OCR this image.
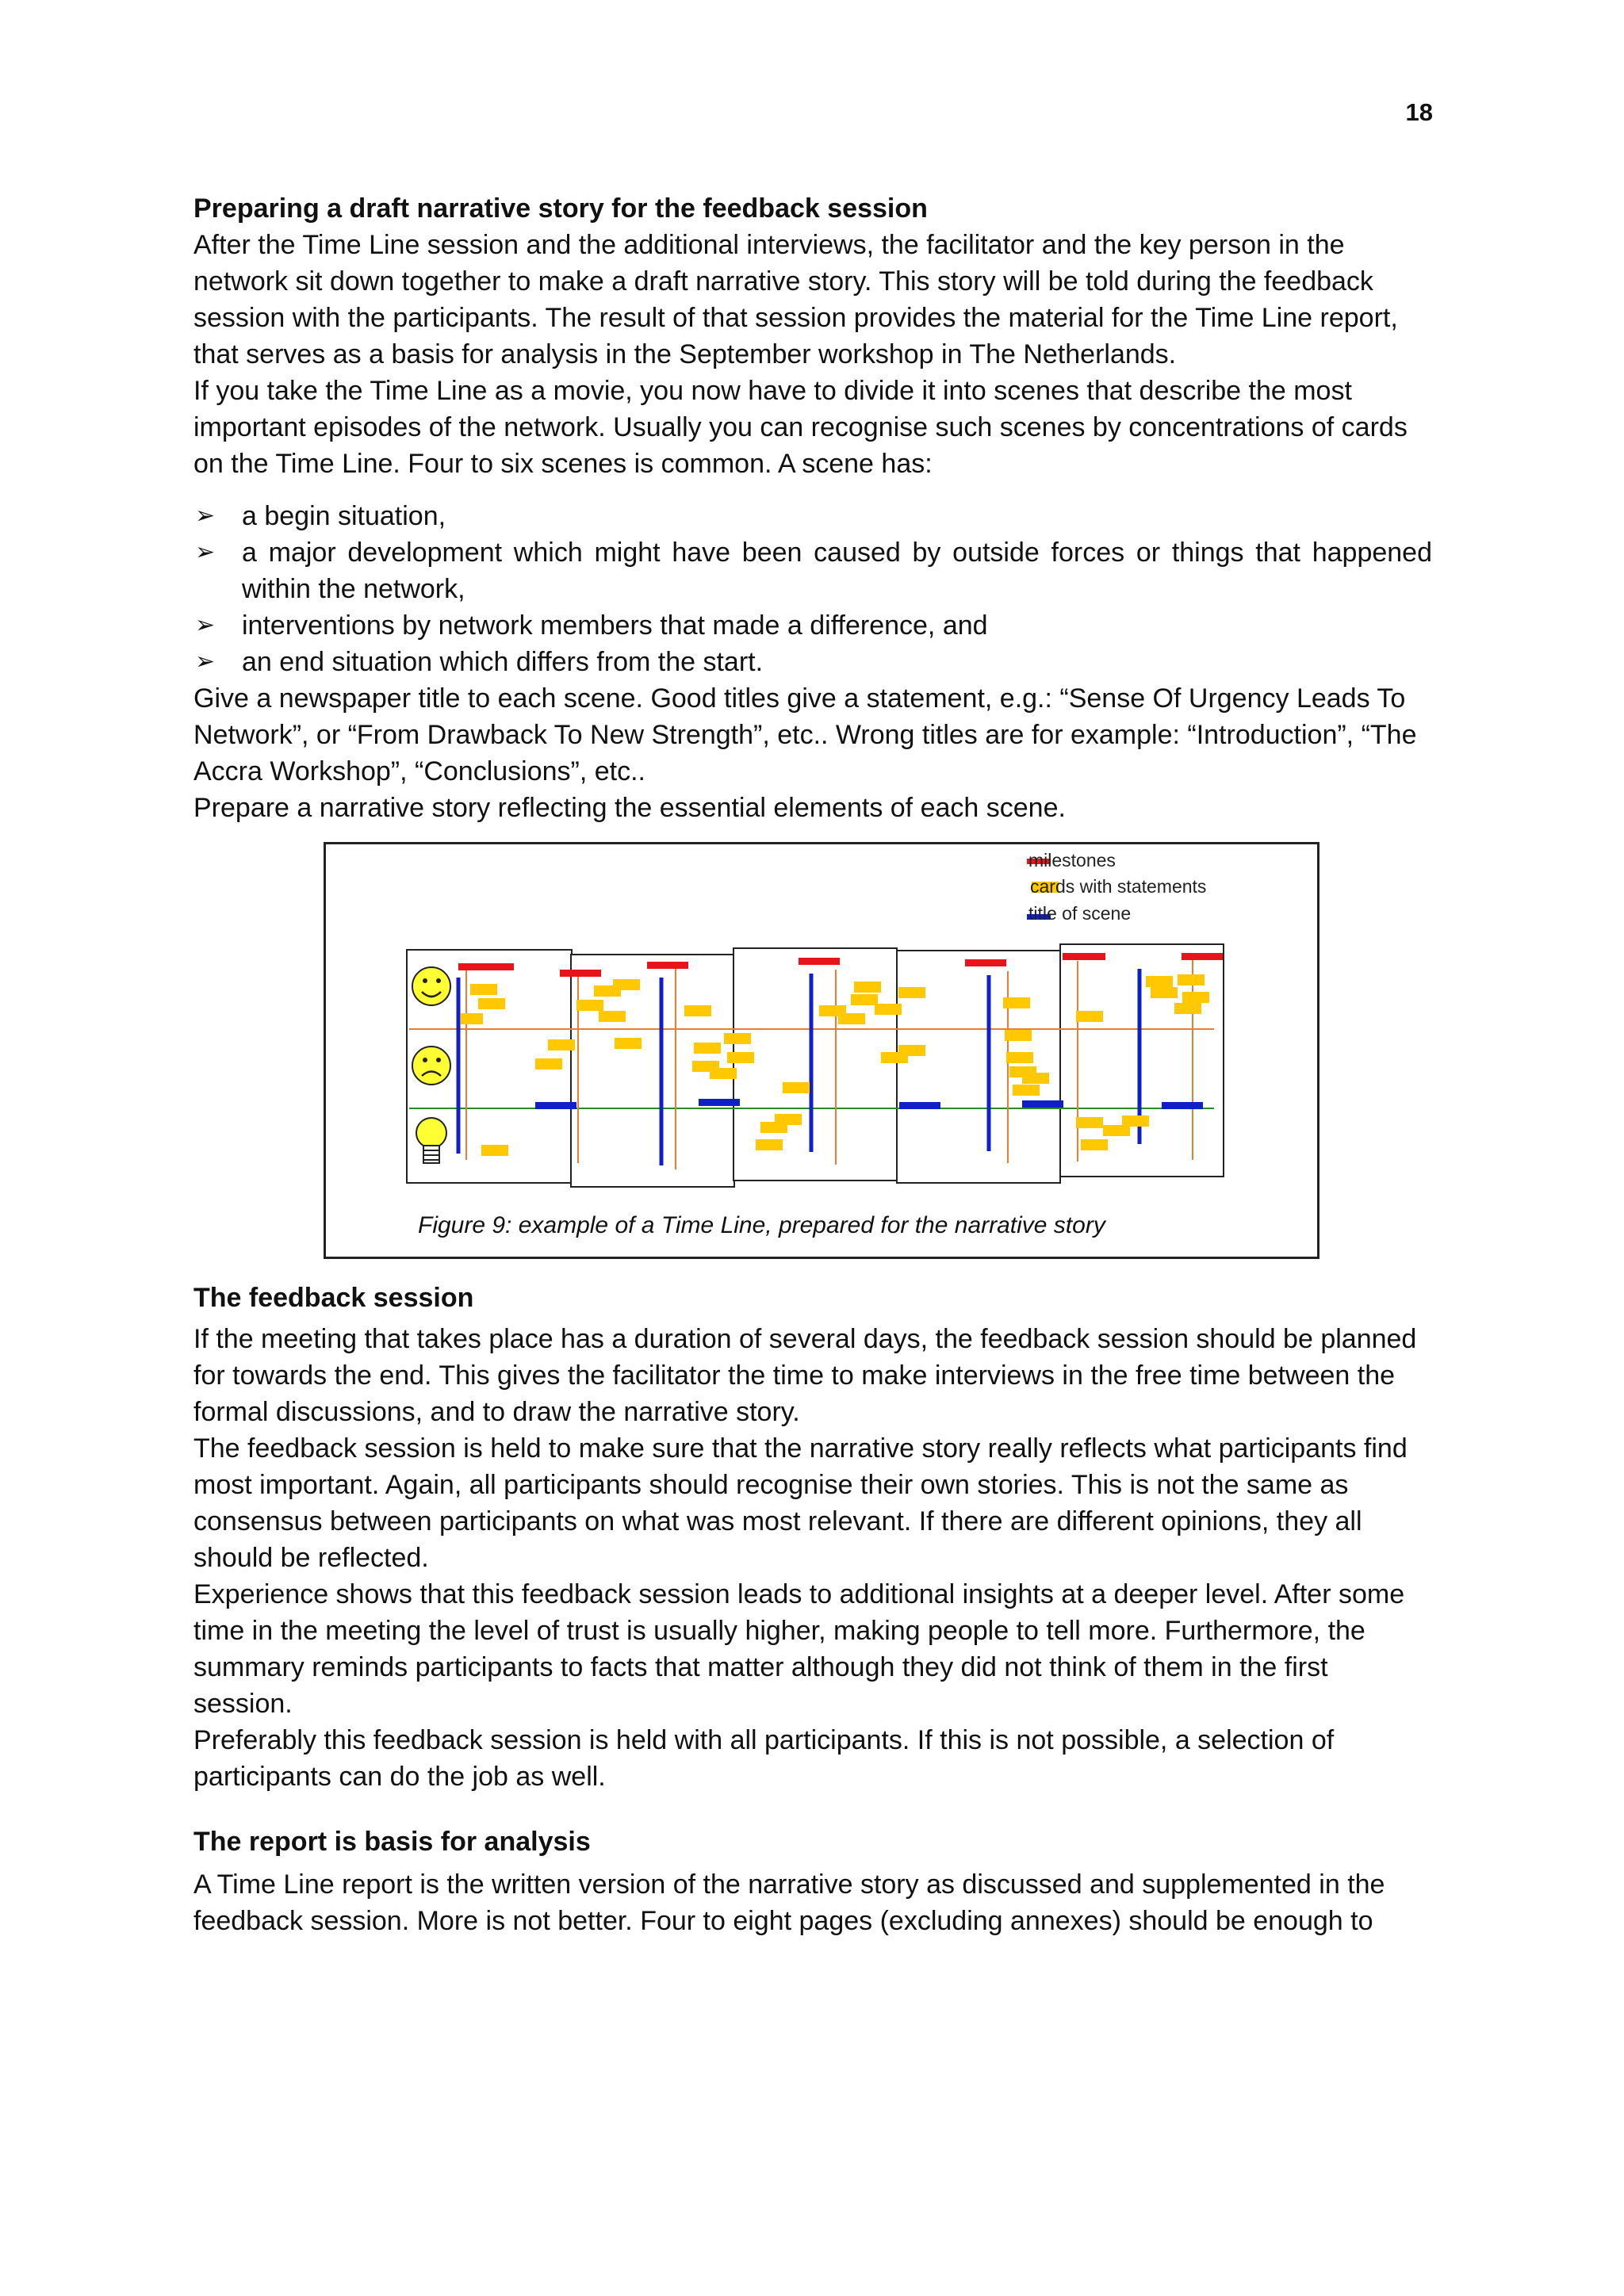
18
Preparing a draft narrative story for the feedback session

After the Time Line session and the additional interviews, the facilitator and the key person in the network sit down together to make a draft narrative story. This story will be told during the feedback session with the participants. The result of that session provides the material for the Time Line report, that serves as a basis for analysis in the September workshop in The Netherlands.

If you take the Time Line as a movie, you now have to divide it into scenes that describe the most important episodes of the network. Usually you can recognise such scenes by concentrations of cards on the Time Line. Four to six scenes is common. A scene has:

➢ a begin situation,
➢ a major development which might have been caused by outside forces or things that happened within the network,
➢ interventions by network members that made a difference, and
➢ an end situation which differs from the start.

Give a newspaper title to each scene. Good titles give a statement, e.g.: “Sense Of Urgency Leads To Network”, or “From Drawback To New Strength”, etc.. Wrong titles are for example: “Introduction”, “The Accra Workshop”, “Conclusions”, etc..

Prepare a narrative story reflecting the essential elements of each scene.

milestones
cards with statements
title of scene
Figure 9: example of a Time Line, prepared for the narrative story
The feedback session

If the meeting that takes place has a duration of several days, the feedback session should be planned for towards the end. This gives the facilitator the time to make interviews in the free time between the formal discussions, and to draw the narrative story.

The feedback session is held to make sure that the narrative story really reflects what participants find most important. Again, all participants should recognise their own stories. This is not the same as consensus between participants on what was most relevant. If there are different opinions, they all should be reflected.

Experience shows that this feedback session leads to additional insights at a deeper level. After some time in the meeting the level of trust is usually higher, making people to tell more. Furthermore, the summary reminds participants to facts that matter although they did not think of them in the first session.

Preferably this feedback session is held with all participants. If this is not possible, a selection of participants can do the job as well.

The report is basis for analysis

A Time Line report is the written version of the narrative story as discussed and supplemented in the feedback session. More is not better. Four to eight pages (excluding annexes) should be enough to
